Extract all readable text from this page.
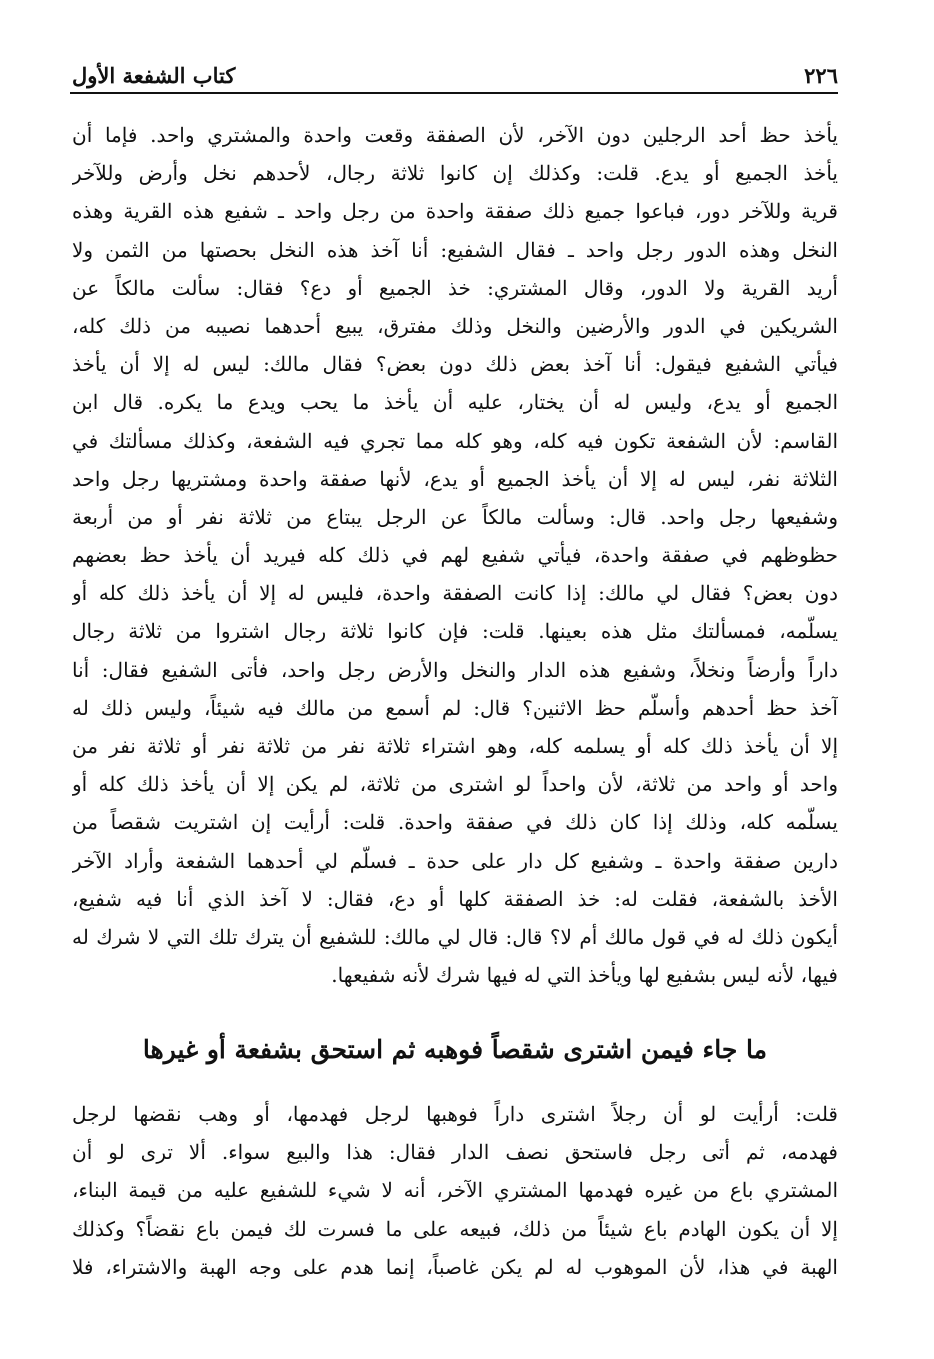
٢٢٦
كتاب الشفعة الأول
يأخذ حظ أحد الرجلين دون الآخر، لأن الصفقة وقعت واحدة والمشتري واحد. فإما أن
يأخذ الجميع أو يدع. قلت: وكذلك إن كانوا ثلاثة رجال، لأحدهم نخل وأرض وللآخر
قرية وللآخر دور، فباعوا جميع ذلك صفقة واحدة من رجل واحد ـ شفيع هذه القرية وهذه
النخل وهذه الدور رجل واحد ـ فقال الشفيع: أنا آخذ هذه النخل بحصتها من الثمن ولا
أريد القرية ولا الدور، وقال المشتري: خذ الجميع أو دع؟ فقال: سألت مالكاً عن
الشريكين في الدور والأرضين والنخل وذلك مفترق، يبيع أحدهما نصيبه من ذلك كله،
فيأتي الشفيع فيقول: أنا آخذ بعض ذلك دون بعض؟ فقال مالك: ليس له إلا أن يأخذ
الجميع أو يدع، وليس له أن يختار، عليه أن يأخذ ما يحب ويدع ما يكره. قال ابن
القاسم: لأن الشفعة تكون فيه كله، وهو كله مما تجري فيه الشفعة، وكذلك مسألتك في
الثلاثة نفر، ليس له إلا أن يأخذ الجميع أو يدع، لأنها صفقة واحدة ومشتريها رجل واحد
وشفيعها رجل واحد. قال: وسألت مالكاً عن الرجل يبتاع من ثلاثة نفر أو من أربعة
حظوظهم في صفقة واحدة، فيأتي شفيع لهم في ذلك كله فيريد أن يأخذ حظ بعضهم
دون بعض؟ فقال لي مالك: إذا كانت الصفقة واحدة، فليس له إلا أن يأخذ ذلك كله أو
يسلّمه، فمسألتك مثل هذه بعينها. قلت: فإن كانوا ثلاثة رجال اشتروا من ثلاثة رجال
داراً وأرضاً ونخلاً، وشفيع هذه الدار والنخل والأرض رجل واحد، فأتى الشفيع فقال: أنا
آخذ حظ أحدهم وأسلّم حظ الاثنين؟ قال: لم أسمع من مالك فيه شيئاً، وليس ذلك له
إلا أن يأخذ ذلك كله أو يسلمه كله، وهو اشتراء ثلاثة نفر من ثلاثة نفر أو ثلاثة نفر من
واحد أو واحد من ثلاثة، لأن واحداً لو اشترى من ثلاثة، لم يكن إلا أن يأخذ ذلك كله أو
يسلّمه كله، وذلك إذا كان ذلك في صفقة واحدة. قلت: أرأيت إن اشتريت شقصاً من
دارين صفقة واحدة ـ وشفيع كل دار على حدة ـ فسلّم لي أحدهما الشفعة وأراد الآخر
الأخذ بالشفعة، فقلت له: خذ الصفقة كلها أو دع، فقال: لا آخذ الذي أنا فيه شفيع،
أيكون ذلك له في قول مالك أم لا؟ قال: قال لي مالك: للشفيع أن يترك تلك التي لا شرك له
فيها، لأنه ليس بشفيع لها ويأخذ التي له فيها شرك لأنه شفيعها.
ما جاء فيمن اشترى شقصاً فوهبه ثم استحق بشفعة أو غيرها
قلت: أرأيت لو أن رجلاً اشترى داراً فوهبها لرجل فهدمها، أو وهب نقضها لرجل
فهدمه، ثم أتى رجل فاستحق نصف الدار فقال: هذا والبيع سواء. ألا ترى لو أن
المشتري باع من غيره فهدمها المشتري الآخر، أنه لا شيء للشفيع عليه من قيمة البناء،
إلا أن يكون الهادم باع شيئاً من ذلك، فبيعه على ما فسرت لك فيمن باع نقضاً؟ وكذلك
الهبة في هذا، لأن الموهوب له لم يكن غاصباً، إنما هدم على وجه الهبة والاشتراء، فلا
